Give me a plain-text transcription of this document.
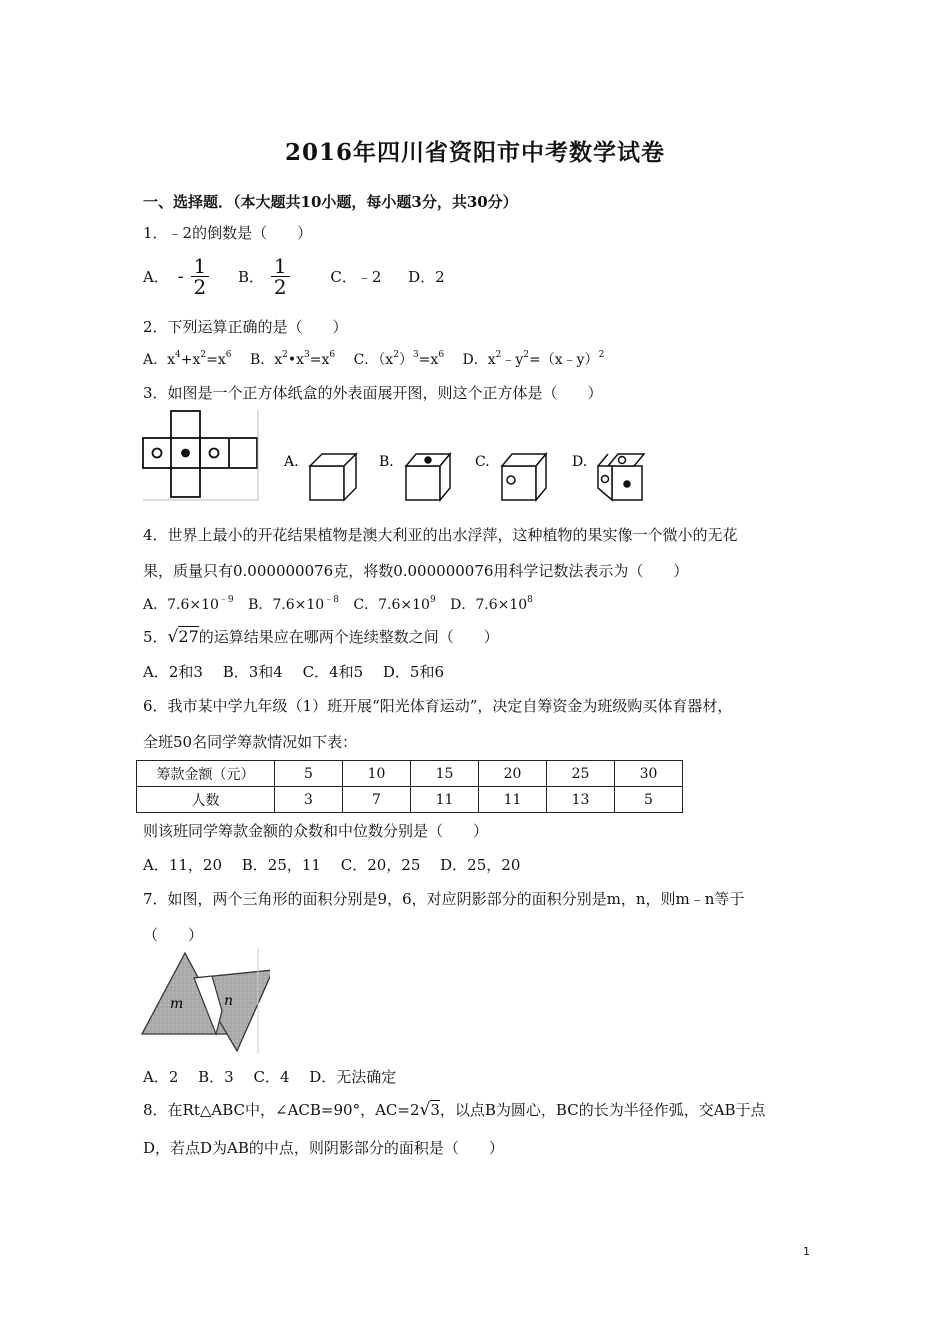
2016年四川省资阳市中考数学试卷
一、选择题．（本大题共10小题，每小题3分，共30分）
1．﹣2的倒数是（　　）
A． - $\frac{1}{2}$ B． $\frac{1}{2}$	C．﹣2 D．2
2．下列运算正确的是（　　）
A．$x^4+x^2=x^6$ B．$x^2•x^3=x^6$ C．$(x^2)^3=x^6$ D．$x^2﹣y^2=(x﹣y)^2$
3．如图是一个正方体纸盒的外表面展开图，则这个正方体是（　　）
A.	B.	C.	D.
4．世界上最小的开花结果植物是澳大利亚的出水浮萍，这种植物的果实像一个微小的无花
果，质量只有0.000000076克，将数0.000000076用科学记数法表示为（　　）
A．$7.6\times 10^{﹣9}$ B．$7.6\times 10^{﹣8}$ C．$7.6\times 10^9$ D．$7.6\times 10^8$
5．√27的运算结果应在哪两个连续整数之间（　　）
A．2和3　 B．3和4　 C．4和5　 D．5和6
6．我市某中学九年级（1）班开展“阳光体育运动”，决定自筹资金为班级购买体育器材，
全班50名同学筹款情况如下表：
筹款金额（元）	5	10	15	20	25	30
人数	3	7	11	11	13	5
则该班同学筹款金额的众数和中位数分别是（　　）
A．11，20　 B．25，11　 C．20，25　 D．25，20
7．如图，两个三角形的面积分别是9，6，对应阴影部分的面积分别是m，n，则m﹣n等于
（　　）
m	n
A．2　 B．3　 C．4　 D．无法确定
8．在Rt△ABC中，∠ACB=90°，AC=2√3，以点B为圆心，BC的长为半径作弧，交AB于点
D，若点D为AB的中点，则阴影部分的面积是（　　）
1
